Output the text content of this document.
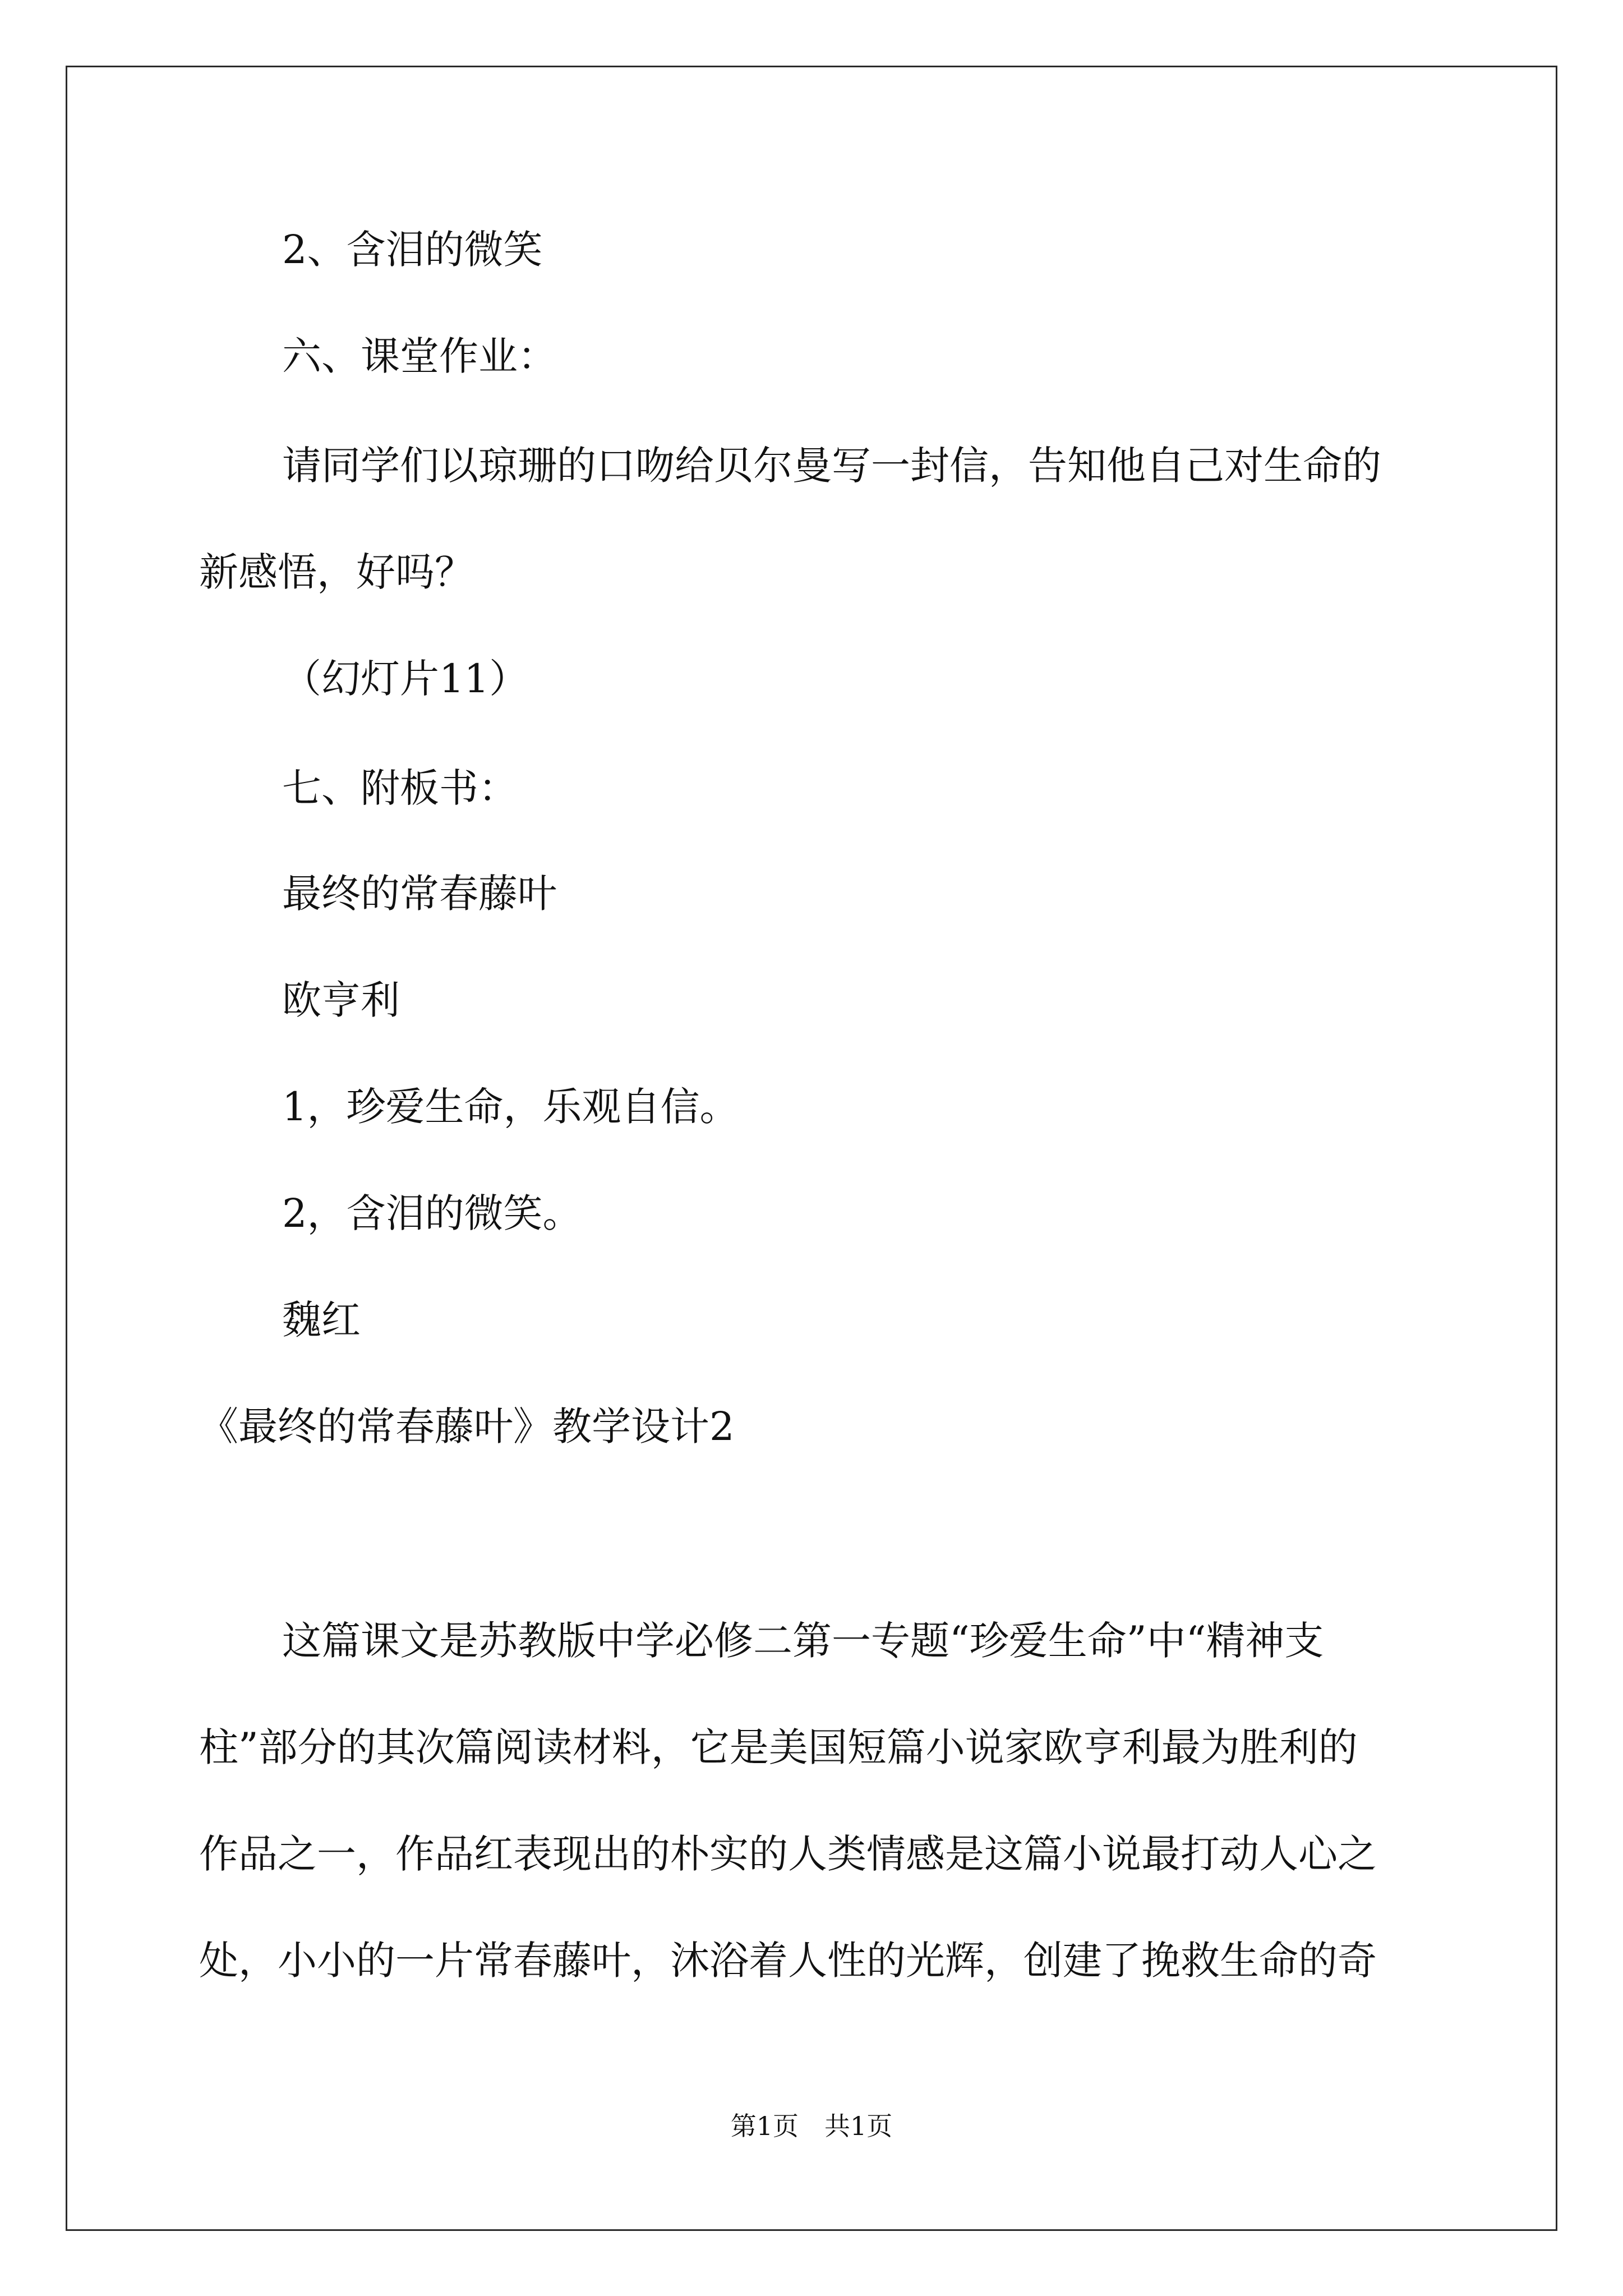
2、含泪的微笑
六、课堂作业：
请同学们以琼珊的口吻给贝尔曼写一封信，告知他自己对生命的
新感悟，好吗？
（幻灯片11）
七、附板书：
最终的常春藤叶
欧亨利
1，珍爱生命，乐观自信。
2，含泪的微笑。
魏红
《最终的常春藤叶》教学设计2
这篇课文是苏教版中学必修二第一专题“珍爱生命”中“精神支
柱”部分的其次篇阅读材料，它是美国短篇小说家欧亨利最为胜利的
作品之一，作品红表现出的朴实的人类情感是这篇小说最打动人心之
处，小小的一片常春藤叶，沐浴着人性的光辉，创建了挽救生命的奇
第1页　共1页
